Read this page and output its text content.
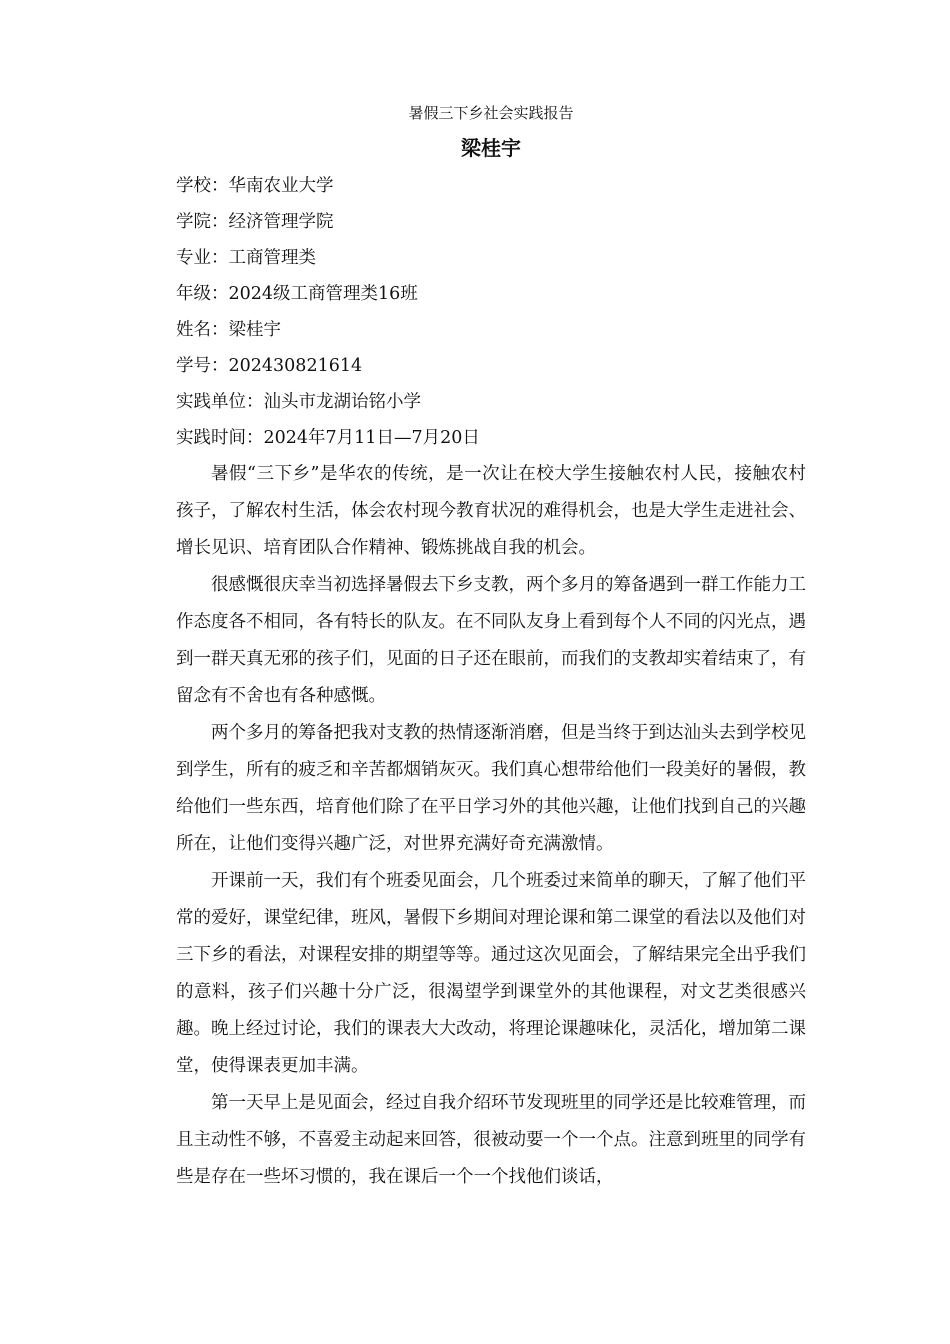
暑假三下乡社会实践报告

梁桂宇

学校：华南农业大学
学院：经济管理学院
专业：工商管理类
年级：2024级工商管理类16班
姓名：梁桂宇
学号：202430821614
实践单位：汕头市龙湖诒铭小学
实践时间：2024年7月11日—7月20日

暑假“三下乡”是华农的传统，是一次让在校大学生接触农村人民，接触农村孩子，了解农村生活，体会农村现今教育状况的难得机会，也是大学生走进社会、增长见识、培育团队合作精神、锻炼挑战自我的机会。

很感慨很庆幸当初选择暑假去下乡支教，两个多月的筹备遇到一群工作能力工作态度各不相同，各有特长的队友。在不同队友身上看到每个人不同的闪光点，遇到一群天真无邪的孩子们，见面的日子还在眼前，而我们的支教却实着结束了，有留念有不舍也有各种感慨。

两个多月的筹备把我对支教的热情逐渐消磨，但是当终于到达汕头去到学校见到学生，所有的疲乏和辛苦都烟销灰灭。我们真心想带给他们一段美好的暑假，教给他们一些东西，培育他们除了在平日学习外的其他兴趣，让他们找到自己的兴趣所在，让他们变得兴趣广泛，对世界充满好奇充满激情。

开课前一天，我们有个班委见面会，几个班委过来简单的聊天，了解了他们平常的爱好，课堂纪律，班风，暑假下乡期间对理论课和第二课堂的看法以及他们对三下乡的看法，对课程安排的期望等等。通过这次见面会，了解结果完全出乎我们的意料，孩子们兴趣十分广泛，很渴望学到课堂外的其他课程，对文艺类很感兴趣。晚上经过讨论，我们的课表大大改动，将理论课趣味化，灵活化，增加第二课堂，使得课表更加丰满。

第一天早上是见面会，经过自我介绍环节发现班里的同学还是比较难管理，而且主动性不够，不喜爱主动起来回答，很被动要一个一个点。注意到班里的同学有些是存在一些坏习惯的，我在课后一个一个找他们谈话，
